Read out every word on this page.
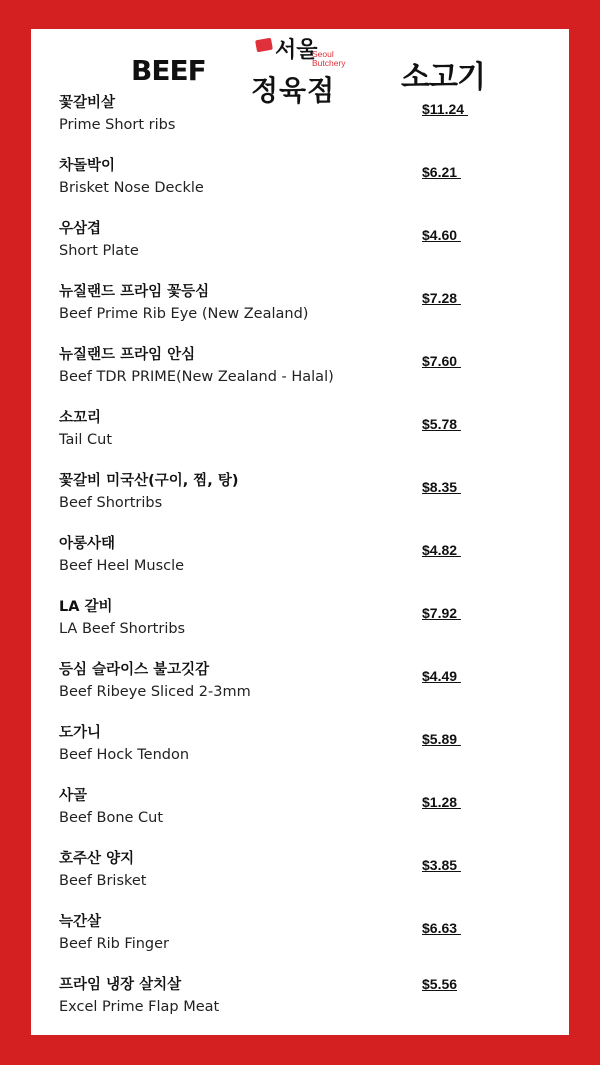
BEEF
서울
Seoul
Butchery
정육점 소고기
꽃갈비살
Prime Short ribs
$11.24
차돌박이
Brisket Nose Deckle
$6.21
우삼겹
Short Plate
$4.60
뉴질랜드 프라임 꽃등심
Beef Prime Rib Eye (New Zealand)
$7.28
뉴질랜드 프라임 안심
Beef TDR PRIME(New Zealand - Halal)
$7.60
소꼬리
Tail Cut
$5.78
꽃갈비 미국산(구이, 찜, 탕)
Beef Shortribs
$8.35
아롱사태
Beef Heel Muscle
$4.82
LA 갈비
LA Beef Shortribs
$7.92
등심 슬라이스 불고깃감
Beef Ribeye Sliced 2-3mm
$4.49
도가니
Beef Hock Tendon
$5.89
사골
Beef Bone Cut
$1.28
호주산 양지
Beef Brisket
$3.85
늑간살
Beef Rib Finger
$6.63
프라임 냉장 살치살
Excel Prime Flap Meat
$5.56
